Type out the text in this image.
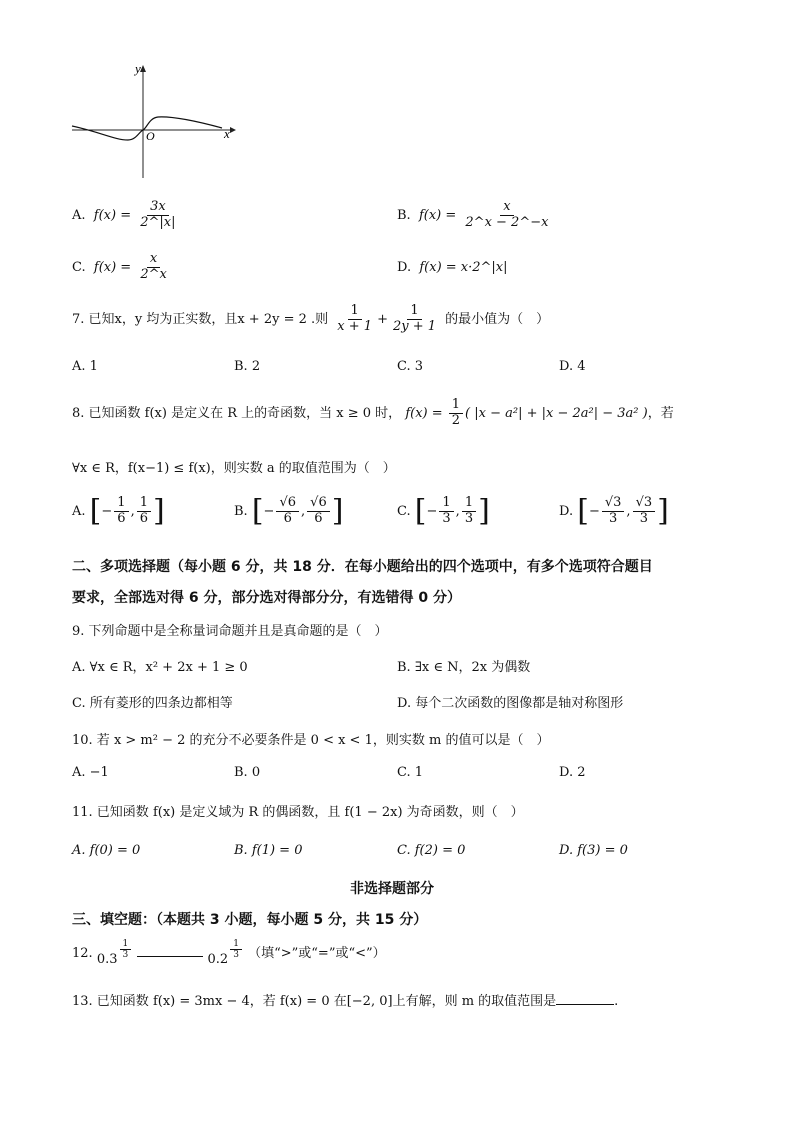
y
x
O
A. $f(x) = \frac{3x}{2\^{}|x|}$	B. $f(x) = \frac{x}{2\^{}x - 2\^{}-x}$
C. $f(x) = \frac{x}{2\^{}x}$	D. f(x) = x·2^|x|
7. 已知x，y 均为正实数，且x + 2y = 2 .则 $\frac{1}{x + 1} + \frac{1}{2y + 1}$ 的最小值为（　）
A. 1	B. 2	C. 3	D. 4
8. 已知函数 f(x) 是定义在 R 上的奇函数，当 x ≥ 0 时， $f(x) = \frac{1}{2}$ ( |x − a²| + |x − 2a²| − 3a² )，若
∀x ∈ R，f(x−1) ≤ f(x)，则实数 a 的取值范围为（　）
A. [− $\frac{1}{6}$ , $\frac{1}{6}$ ]	B. [− $\frac{√6}{6}$ , $\frac{√6}{6}$ ]	C. [− $\frac{1}{3}$ , $\frac{1}{3}$ ]	D. [− $\frac{√3}{3}$ , $\frac{√3}{3}$ ]
二、多项选择题（每小题 6 分，共 18 分．在每小题给出的四个选项中，有多个选项符合题目
要求，全部选对得 6 分，部分选对得部分分，有选错得 0 分）
9. 下列命题中是全称量词命题并且是真命题的是（　）
A. ∀x ∈ R，x² + 2x + 1 ≥ 0	B. ∃x ∈ N，2x 为偶数
C. 所有菱形的四条边都相等	D. 每个二次函数的图像都是轴对称图形
10. 若 x > m² − 2 的充分不必要条件是 0 < x < 1，则实数 m 的值可以是（　）
A. −1	B. 0	C. 1	D. 2
11. 已知函数 f(x) 是定义域为 R 的偶函数，且 f(1 − 2x) 为奇函数，则（　）
A. f(0) = 0	B. f(1) = 0	C. f(2) = 0	D. f(3) = 0
非选择题部分
三、填空题：（本题共 3 小题，每小题 5 分，共 15 分）
12. $0.3 \frac{1}{3}$	$0.2 \frac{1}{3}$ （填“>”或“=”或“<”）
13. 已知函数 f(x) = 3mx − 4，若 f(x) = 0 在[−2, 0]上有解，则 m 的取值范围是	.
